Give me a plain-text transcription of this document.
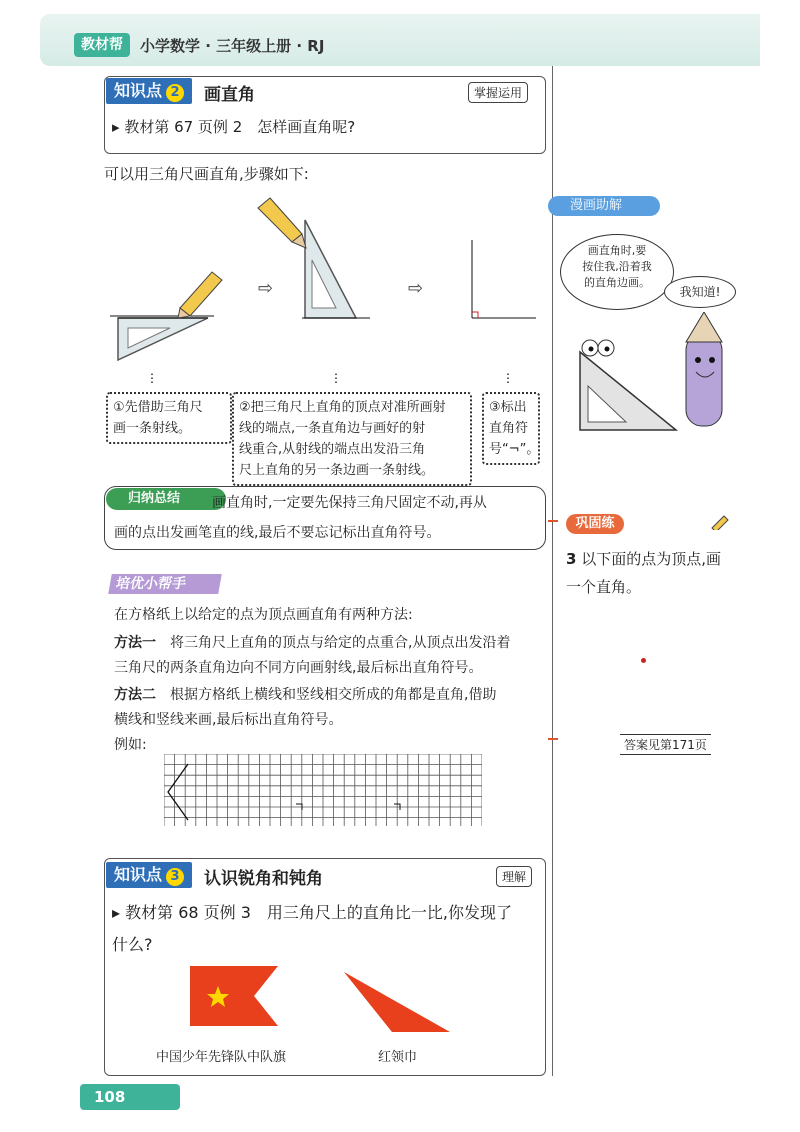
教材帮	小学数学 · 三年级上册 · RJ
知识点 2	画直角	掌握运用
▸ 教材第 67 页例 2　怎样画直角呢?
可以用三角尺画直角,步骤如下:
⇨	⇨
⋮	⋮	⋮
①先借助三角尺
画一条射线。
②把三角尺上直角的顶点对准所画射
线的端点,一条直角边与画好的射
线重合,从射线的端点出发沿三角
尺上直角的另一条边画一条射线。
③标出
直角符
号“¬”。
归纳总结	画直角时,一定要先保持三角尺固定不动,再从
画的点出发画笔直的线,最后不要忘记标出直角符号。
培优小帮手
在方格纸上以给定的点为顶点画直角有两种方法:
方法一　 将三角尺上直角的顶点与给定的点重合,从顶点出发沿着
三角尺的两条直角边向不同方向画射线,最后标出直角符号。
方法二　 根据方格纸上横线和竖线相交所成的角都是直角,借助
横线和竖线来画,最后标出直角符号。
例如:
知识点 3	认识锐角和钝角	理解
▸ 教材第 68 页例 3　用三角尺上的直角比一比,你发现了
什么?
中国少年先锋队中队旗	红领巾
漫画助解
画直角时,要
按住我,沿着我
的直角边画。
我知道!
巩固练
3 以下面的点为顶点,画
一个直角。
答案见第171页
108
